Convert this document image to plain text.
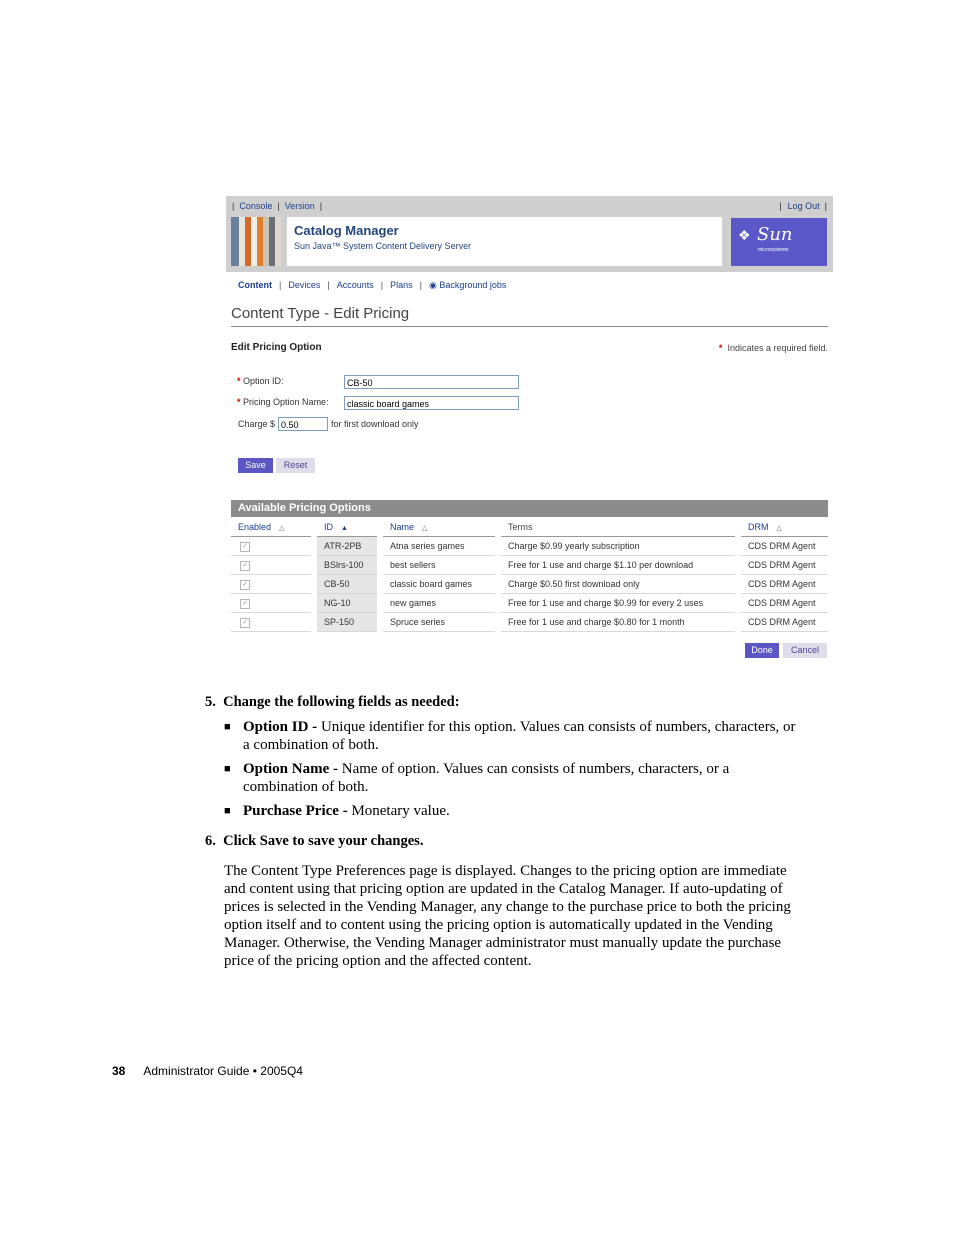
| Console | Version |	| Log Out |
Catalog Manager
Sun Java™ System Content Delivery Server
❖ Sun
microsystems
Content | Devices | Accounts | Plans | ◉ Background jobs
Content Type - Edit Pricing
Edit Pricing Option	* Indicates a required field.
* Option ID:	CB-50
* Pricing Option Name:	classic board games
Charge $ 0.50	for first download only
Save	Reset
Available Pricing Options
Enabled △		ID ▲		Name △		Terms		DRM △
✓		ATR-2PB		Atna series games		Charge $0.99 yearly subscription		CDS DRM Agent
✓		BSlrs-100		best sellers		Free for 1 use and charge $1.10 per download		CDS DRM Agent
✓		CB-50		classic board games		Charge $0.50 first download only		CDS DRM Agent
✓		NG-10		new games		Free for 1 use and charge $0.99 for every 2 uses		CDS DRM Agent
✓		SP-150		Spruce series		Free for 1 use and charge $0.80 for 1 month		CDS DRM Agent
Done	Cancel
5.  Change the following fields as needed:
■ Option ID - Unique identifier for this option. Values can consists of numbers, characters, or a combination of both.
■ Option Name - Name of option. Values can consists of numbers, characters, or a combination of both.
■ Purchase Price - Monetary value.
6.  Click Save to save your changes.
The Content Type Preferences page is displayed. Changes to the pricing option are immediate and content using that pricing option are updated in the Catalog Manager. If auto-updating of prices is selected in the Vending Manager, any change to the purchase price to both the pricing option itself and to content using the pricing option is automatically updated in the Vending Manager. Otherwise, the Vending Manager administrator must manually update the purchase price of the pricing option and the affected content.
38 Administrator Guide • 2005Q4
